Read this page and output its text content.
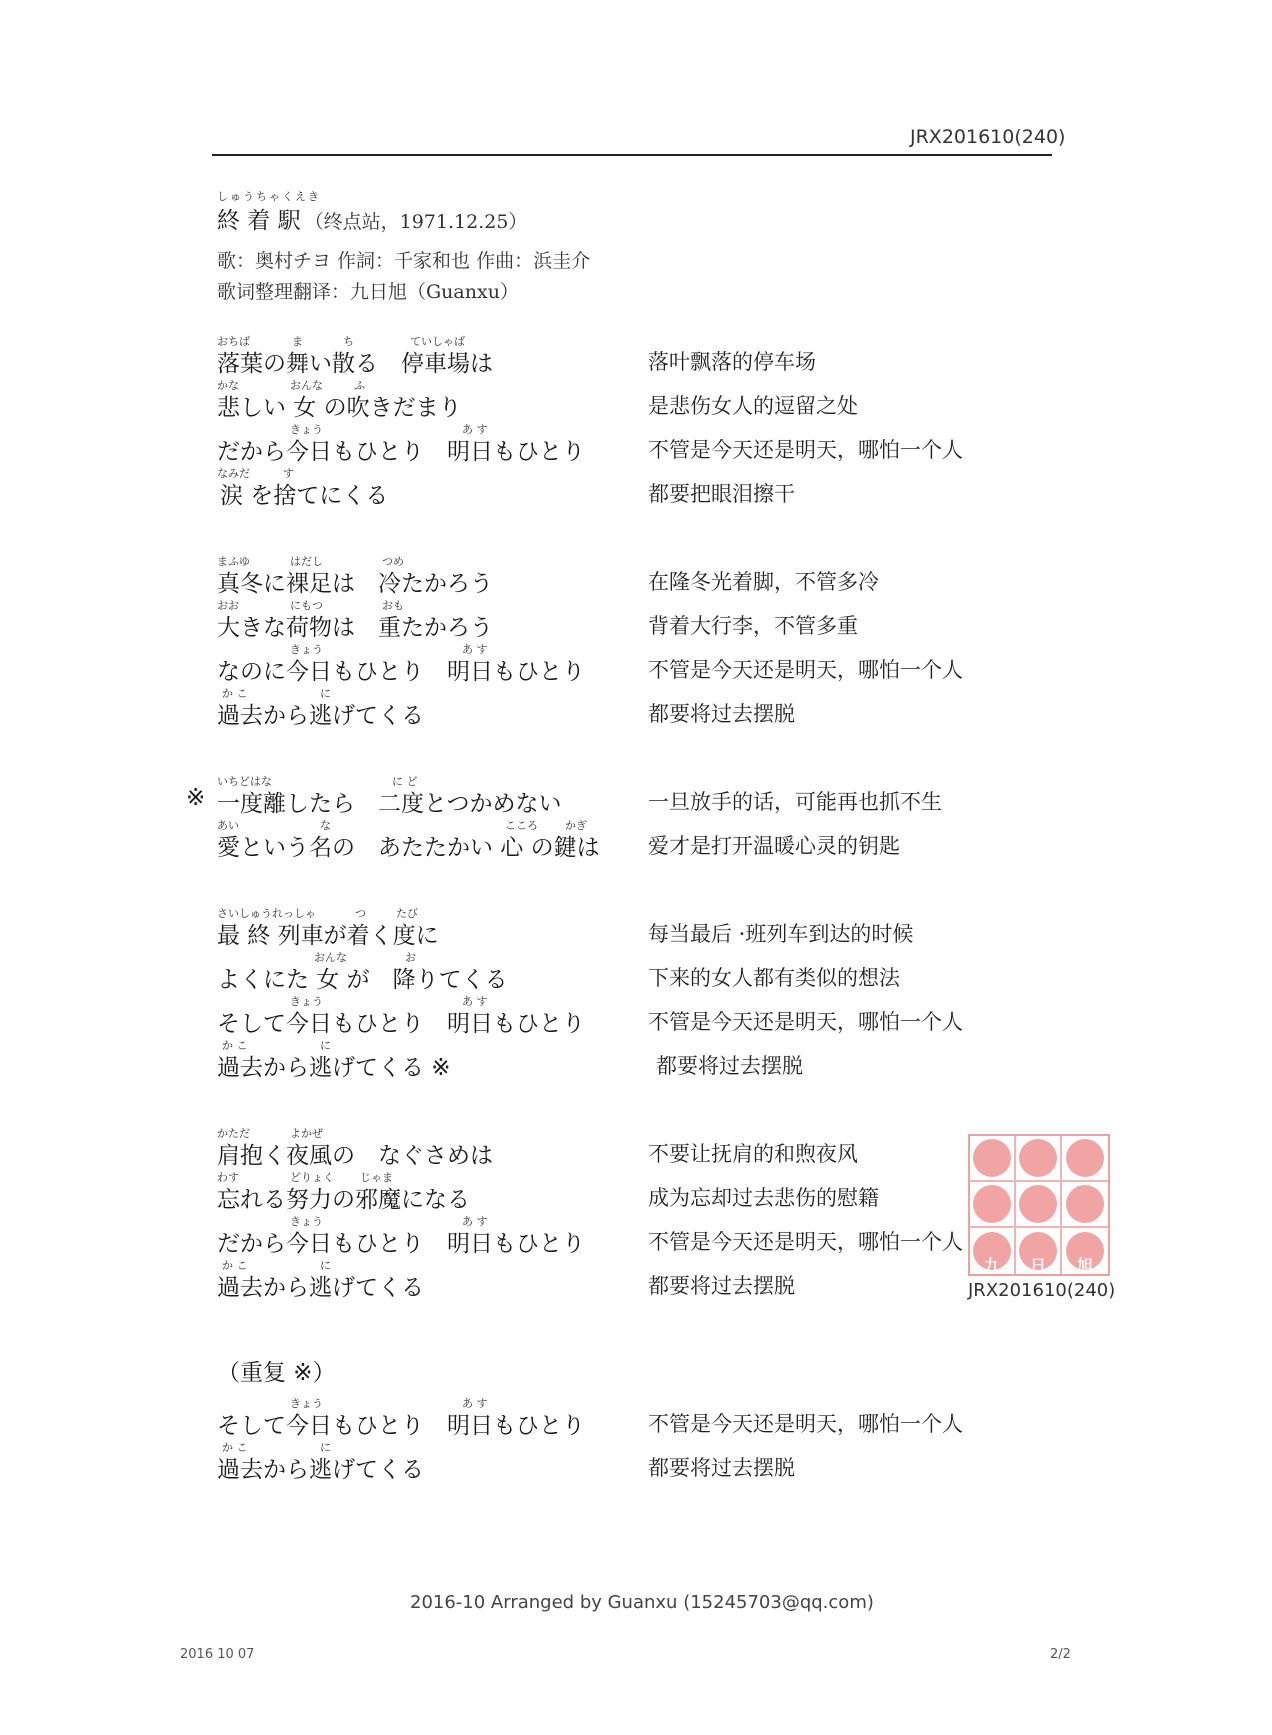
JRX201610(240)
しゅうちゃくえき
終 着 駅 （终点站，1971.12.25）
歌：奥村チヨ 作詞：千家和也 作曲：浜圭介
歌词整理翻译：九日旭（Guanxu）
おちば	ま	ち	ていしゃば
落葉の舞い散る　停車場は	落叶飘落的停车场
かな	おんな	ふ
悲しい 女 の吹きだまり	是悲伤女人的逗留之处
きょう	あ す
だから今日もひとり　明日もひとり	不管是今天还是明天，哪怕一个人
なみだ	す
涙 を捨てにくる	都要把眼泪擦干
まふゆ	はだし	つめ
真冬に裸足は　冷たかろう	在隆冬光着脚，不管多冷
おお	にもつ	おも
大きな荷物は　重たかろう	背着大行李，不管多重
きょう	あ す
なのに今日もひとり　明日もひとり	不管是今天还是明天，哪怕一个人
か こ	に
過去から逃げてくる	都要将过去摆脱
※
いちどはな	に ど
一度離したら　二度とつかめない	一旦放手的话，可能再也抓不生
あい	な	こころ かぎ
愛という名の　あたたかい 心 の鍵は 爱才是打开温暖心灵的钥匙
さいしゅうれっしゃ	つ	たび
最 終 列車が着く度に	每当最后 ·班列车到达的时候
おんな	お
よくにた 女 が　降りてくる	下来的女人都有类似的想法
きょう	あ す
そして今日もひとり　明日もひとり	不管是今天还是明天，哪怕一个人
か こ	に
過去から逃げてくる ※	都要将过去摆脱
かただ	よかぜ
肩抱く夜風の　なぐさめは	不要让抚肩的和煦夜风
わす	どりょく じゃま
忘れる努力の邪魔になる	成为忘却过去悲伤的慰籍
きょう	あ す
だから今日もひとり　明日もひとり	不管是今天还是明天，哪怕一个人
か こ	に
過去から逃げてくる	都要将过去摆脱
（重复 ※）
きょう	あ す
そして今日もひとり　明日もひとり	不管是今天还是明天，哪怕一个人
か こ	に
過去から逃げてくる	都要将过去摆脱
九	日	旭
JRX201610(240)
2016-10 Arranged by Guanxu (15245703@qq.com)
2016 10 07	2/2
